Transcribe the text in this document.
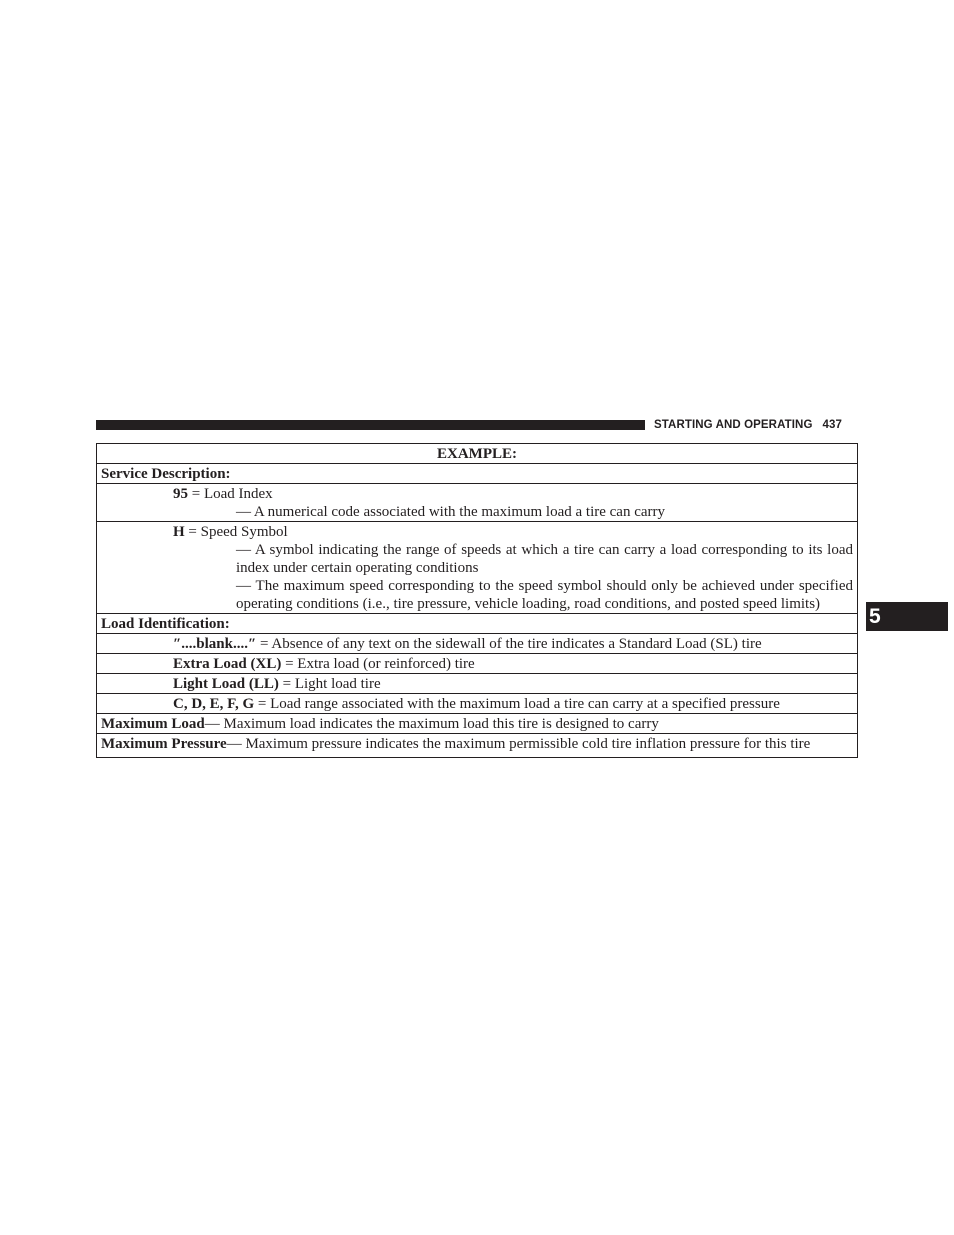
STARTING AND OPERATING 437
5
EXAMPLE:
Service Description:
95 = Load Index
— A numerical code associated with the maximum load a tire can carry
H = Speed Symbol
— A symbol indicating the range of speeds at which a tire can carry a load corresponding to its load index under certain operating conditions
— The maximum speed corresponding to the speed symbol should only be achieved under specified operating conditions (i.e., tire pressure, vehicle loading, road conditions, and posted speed limits)
Load Identification:
″....blank....″ = Absence of any text on the sidewall of the tire indicates a Standard Load (SL) tire
Extra Load (XL) = Extra load (or reinforced) tire
Light Load (LL) = Light load tire
C, D, E, F, G = Load range associated with the maximum load a tire can carry at a specified pressure
Maximum Load— Maximum load indicates the maximum load this tire is designed to carry
Maximum Pressure— Maximum pressure indicates the maximum permissible cold tire inflation pressure for this tire
